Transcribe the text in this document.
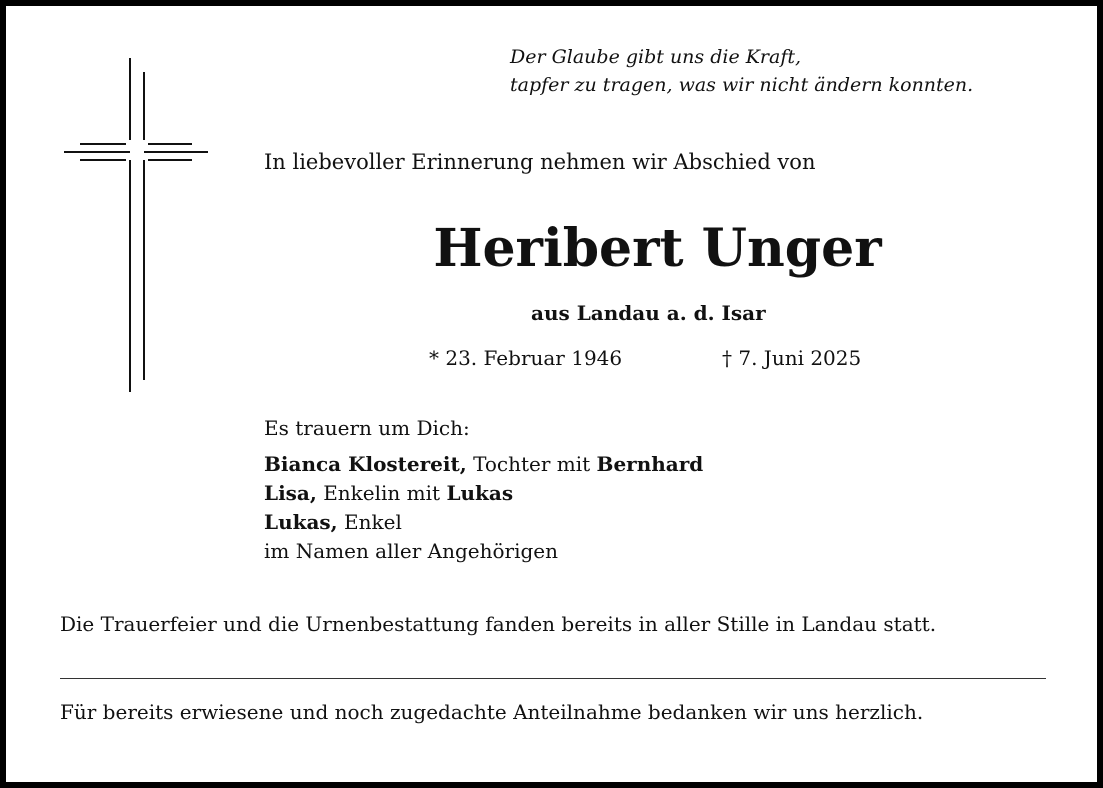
Der Glaube gibt uns die Kraft,
tapfer zu tragen, was wir nicht ändern konnten.
In liebevoller Erinnerung nehmen wir Abschied von
Heribert Unger
aus Landau a. d. Isar
* 23. Februar 1946	† 7. Juni 2025
Es trauern um Dich:
Bianca Klostereit, Tochter mit Bernhard
Lisa, Enkelin mit Lukas
Lukas, Enkel
im Namen aller Angehörigen
Die Trauerfeier und die Urnenbestattung fanden bereits in aller Stille in Landau statt.
Für bereits erwiesene und noch zugedachte Anteilnahme bedanken wir uns herzlich.
